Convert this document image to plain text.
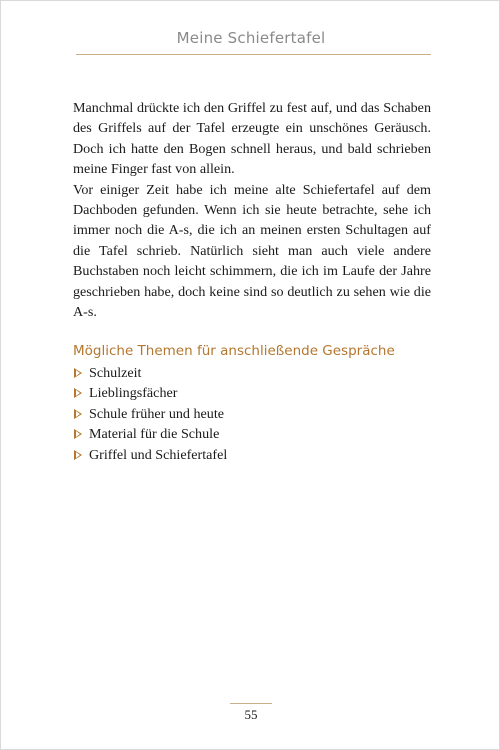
Meine Schiefertafel

Manchmal drückte ich den Griffel zu fest auf, und das Schaben des Griffels auf der Tafel erzeugte ein unschönes Geräusch. Doch ich hatte den Bogen schnell heraus, und bald schrieben meine Finger fast von allein.

Vor einiger Zeit habe ich meine alte Schiefertafel auf dem Dachboden gefunden. Wenn ich sie heute betrachte, sehe ich immer noch die A-s, die ich an meinen ersten Schultagen auf die Tafel schrieb. Natürlich sieht man auch viele andere Buchstaben noch leicht schimmern, die ich im Laufe der Jahre geschrieben habe, doch keine sind so deutlich zu sehen wie die A-s.

Mögliche Themen für anschließende Gespräche
Schulzeit
Lieblingsfächer
Schule früher und heute
Material für die Schule
Griffel und Schiefertafel
55
